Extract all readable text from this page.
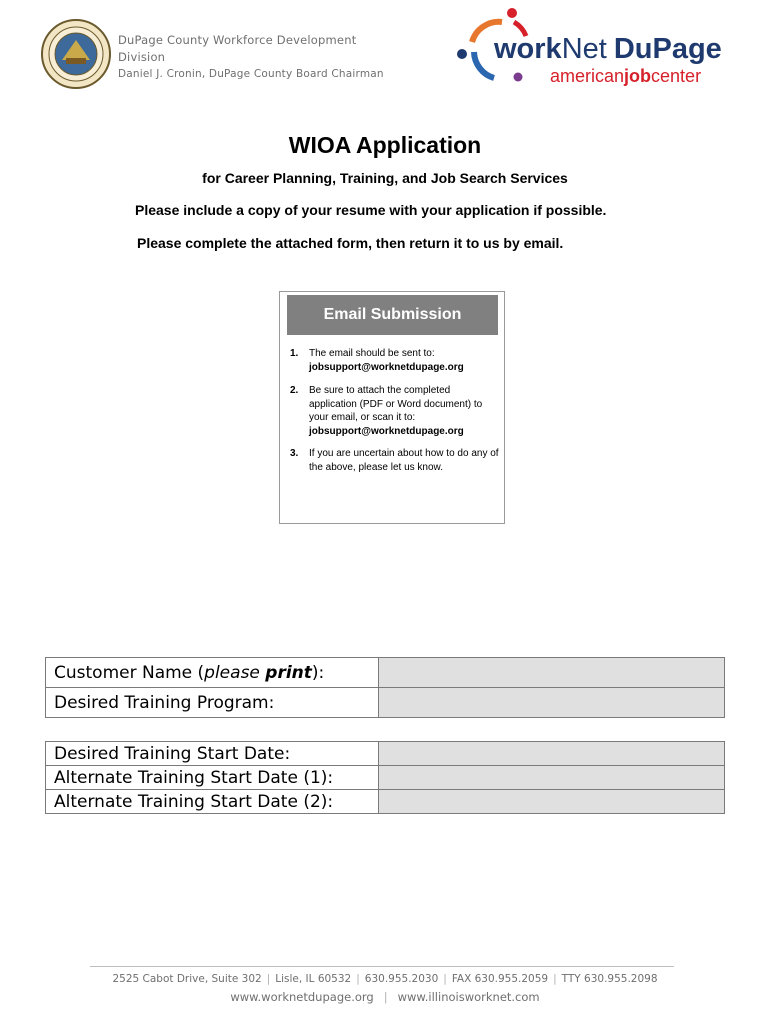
DuPage County Workforce Development
Division
Daniel J. Cronin, DuPage County Board Chairman
workNet DuPage
americanjobcenter
WIOA Application
for Career Planning, Training, and Job Search Services
Please include a copy of your resume with your application if possible.
Please complete the attached form, then return it to us by email.
Email Submission
1. The email should be sent to:
jobsupport@worknetdupage.org
2. Be sure to attach the completed application (PDF or Word document) to your email, or scan it to:
jobsupport@worknetdupage.org
3. If you are uncertain about how to do any of the above, please let us know.
Customer Name (please print):	
Desired Training Program:	
Desired Training Start Date:	
Alternate Training Start Date (1):	
Alternate Training Start Date (2):	
2525 Cabot Drive, Suite 302 | Lisle, IL 60532 | 630.955.2030 | FAX 630.955.2059 | TTY 630.955.2098
www.worknetdupage.org | www.illinoisworknet.com
